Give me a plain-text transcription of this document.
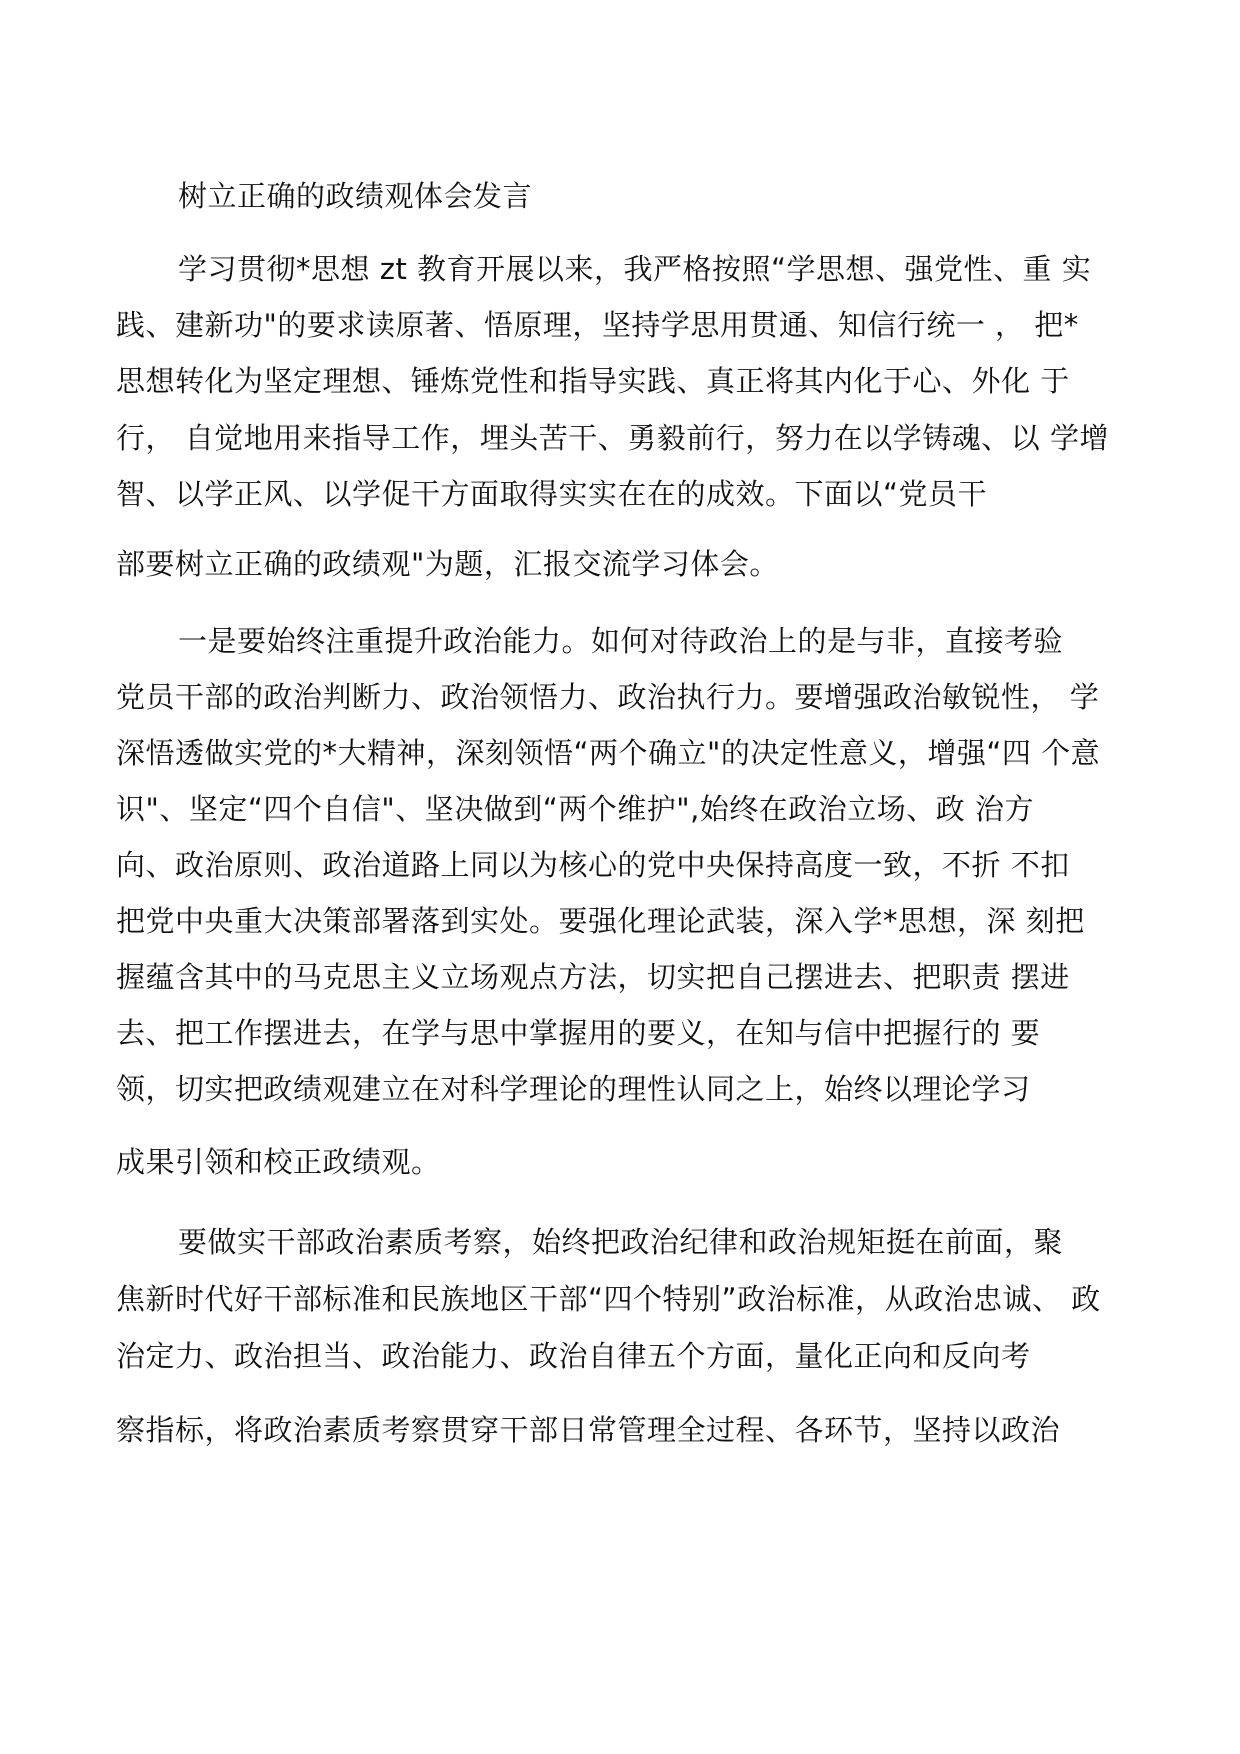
树立正确的政绩观体会发言
学习贯彻*思想 zt 教育开展以来，我严格按照“学思想、强党性、重 实
践、建新功"的要求读原著、悟原理，坚持学思用贯通、知信行统一 ， 把*
思想转化为坚定理想、锤炼党性和指导实践、真正将其内化于心、外化 于
行， 自觉地用来指导工作，埋头苦干、勇毅前行，努力在以学铸魂、以 学增
智、以学正风、以学促干方面取得实实在在的成效。下面以“党员干
部要树立正确的政绩观"为题，汇报交流学习体会。
一是要始终注重提升政治能力。如何对待政治上的是与非，直接考验
党员干部的政治判断力、政治领悟力、政治执行力。要增强政治敏锐性， 学
深悟透做实党的*大精神，深刻领悟“两个确立"的决定性意义，增强“四 个意
识"、坚定“四个自信"、坚决做到“两个维护",始终在政治立场、政 治方
向、政治原则、政治道路上同以为核心的党中央保持高度一致，不折 不扣
把党中央重大决策部署落到实处。要强化理论武装，深入学*思想，深 刻把
握蕴含其中的马克思主义立场观点方法，切实把自己摆进去、把职责 摆进
去、把工作摆进去，在学与思中掌握用的要义，在知与信中把握行的 要
领，切实把政绩观建立在对科学理论的理性认同之上，始终以理论学习
成果引领和校正政绩观。
要做实干部政治素质考察，始终把政治纪律和政治规矩挺在前面，聚
焦新时代好干部标准和民族地区干部“四个特别”政治标准，从政治忠诚、 政
治定力、政治担当、政治能力、政治自律五个方面，量化正向和反向考
察指标，将政治素质考察贯穿干部日常管理全过程、各环节，坚持以政治
